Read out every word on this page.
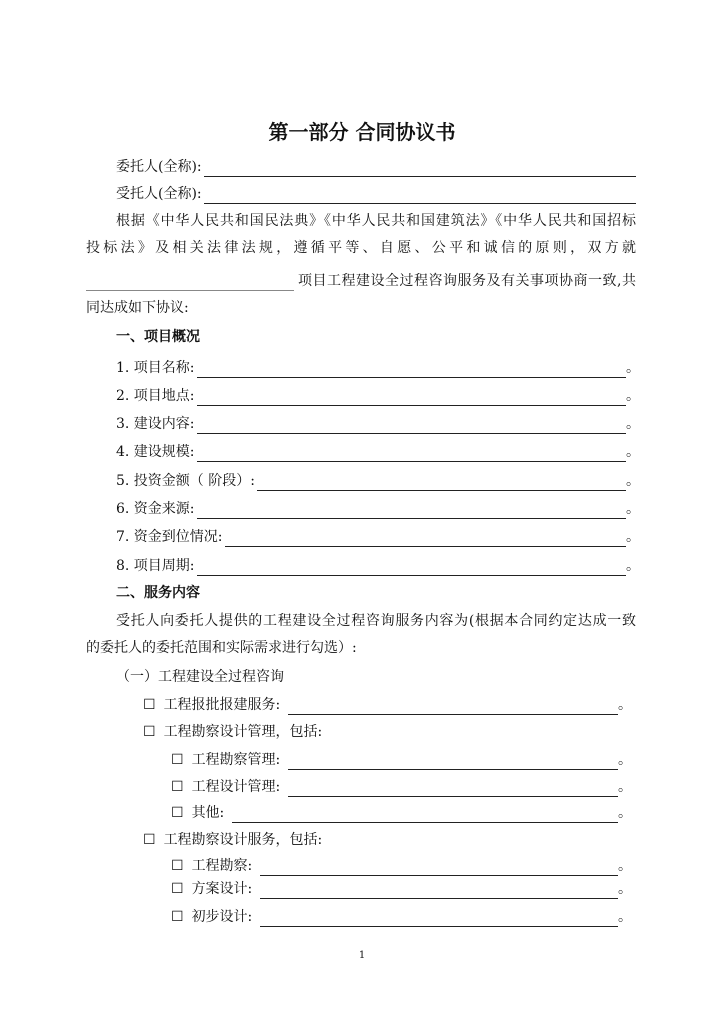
第一部分 合同协议书
委托人(全称):
受托人(全称):
根据《中华人民共和国民法典》《中华人民共和国建筑法》《中华人民共和国招标
投标法》及相关法律法规，遵循平等、自愿、公平和诚信的原则，双方就
项目工程建设全过程咨询服务及有关事项协商一致,共
同达成如下协议:
一、项目概况
1. 项目名称:	。
2. 项目地点:	。
3. 建设内容:	。
4. 建设规模:	。
5. 投资金额（ 阶段）:	。
6. 资金来源:	。
7. 资金到位情况:	。
8. 项目周期:	。
二、服务内容
受托人向委托人提供的工程建设全过程咨询服务内容为(根据本合同约定达成一致
的委托人的委托范围和实际需求进行勾选）:
（一）工程建设全过程咨询
☐ 工程报批报建服务:	。
☐ 工程勘察设计管理，包括:
☐ 工程勘察管理:	。
☐ 工程设计管理:	。
☐ 其他:	。
☐ 工程勘察设计服务，包括:
☐ 工程勘察:	。
☐ 方案设计:	。
☐ 初步设计:	。
1
